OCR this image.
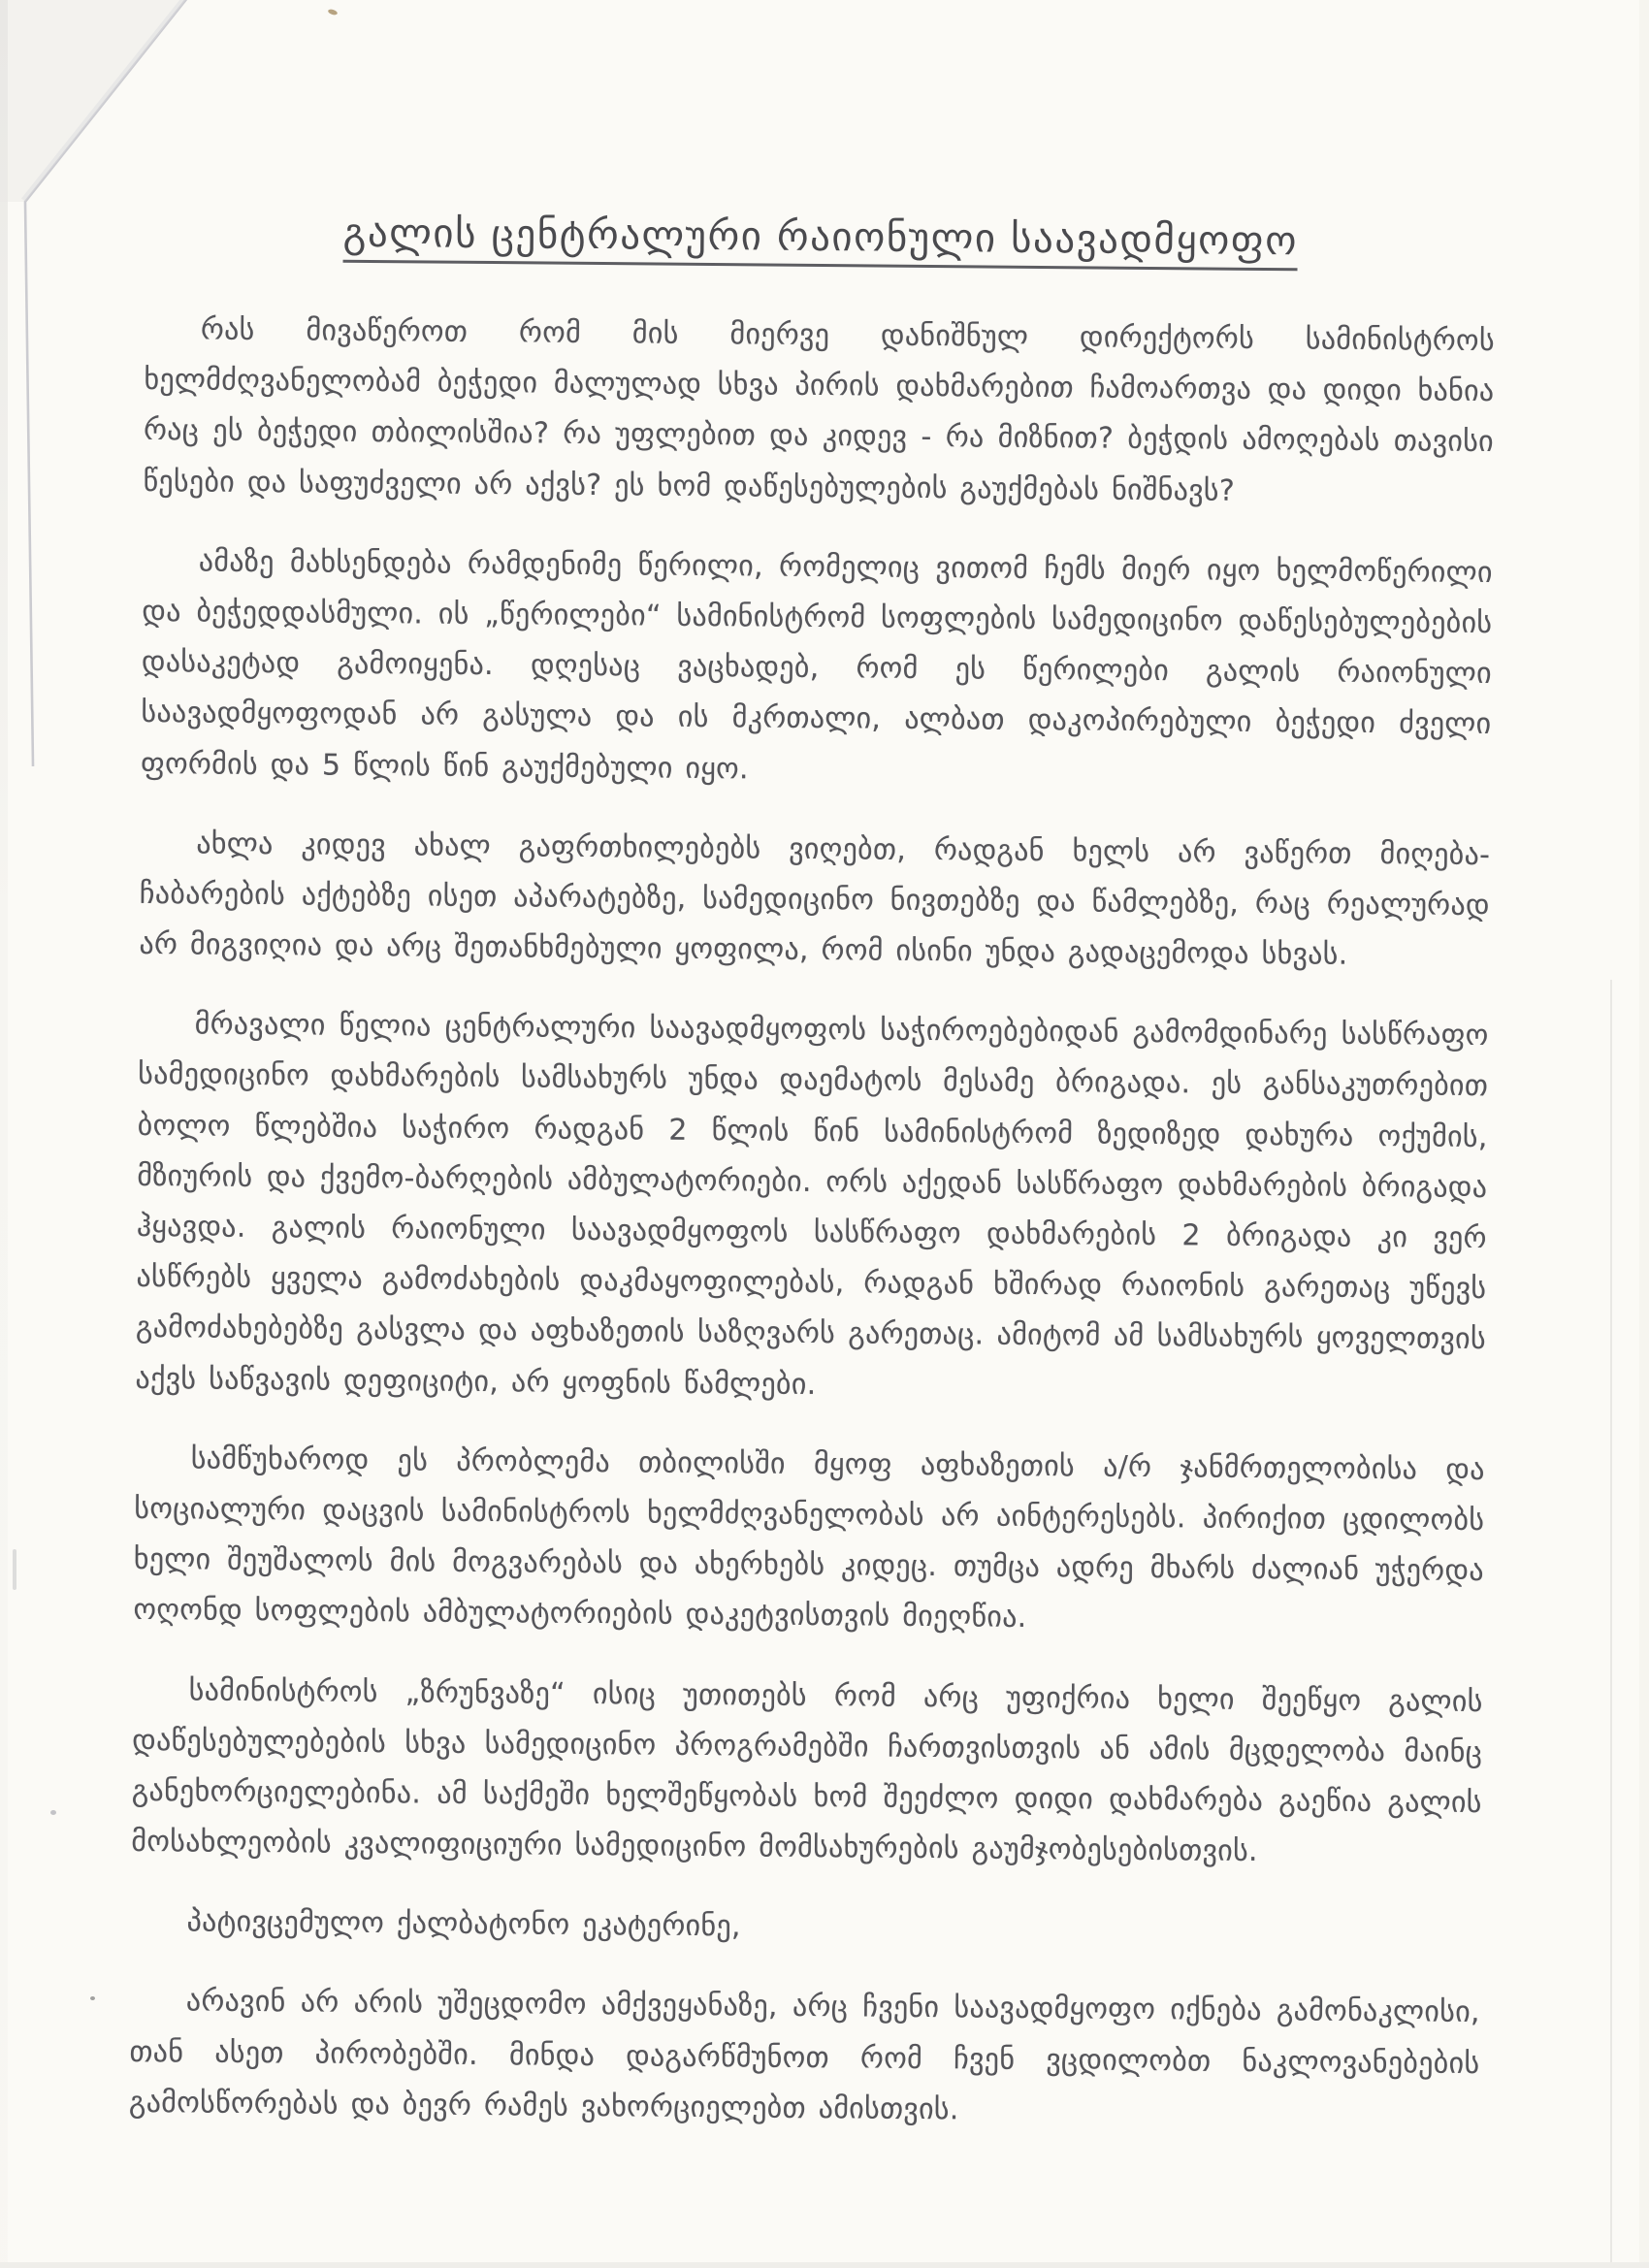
გალის ცენტრალური რაიონული საავადმყოფო

რას მივაწეროთ რომ მის მიერვე დანიშნულ დირექტორს სამინისტროს ხელმძღვანელობამ ბეჭედი მალულად სხვა პირის დახმარებით ჩამოართვა და დიდი ხანია რაც ეს ბეჭედი თბილისშია? რა უფლებით და კიდევ - რა მიზნით? ბეჭდის ამოღებას თავისი წესები და საფუძველი არ აქვს? ეს ხომ დაწესებულების გაუქმებას ნიშნავს?

ამაზე მახსენდება რამდენიმე წერილი, რომელიც ვითომ ჩემს მიერ იყო ხელმოწერილი და ბეჭედდასმული. ის „წერილები“ სამინისტრომ სოფლების სამედიცინო დაწესებულებების დასაკეტად გამოიყენა. დღესაც ვაცხადებ, რომ ეს წერილები გალის რაიონული საავადმყოფოდან არ გასულა და ის მკრთალი, ალბათ დაკოპირებული ბეჭედი ძველი ფორმის და 5 წლის წინ გაუქმებული იყო.

ახლა კიდევ ახალ გაფრთხილებებს ვიღებთ, რადგან ხელს არ ვაწერთ მიღება-ჩაბარების აქტებზე ისეთ აპარატებზე, სამედიცინო ნივთებზე და წამლებზე, რაც რეალურად არ მიგვიღია და არც შეთანხმებული ყოფილა, რომ ისინი უნდა გადაცემოდა სხვას.

მრავალი წელია ცენტრალური საავადმყოფოს საჭიროებებიდან გამომდინარე სასწრაფო სამედიცინო დახმარების სამსახურს უნდა დაემატოს მესამე ბრიგადა. ეს განსაკუთრებით ბოლო წლებშია საჭირო რადგან 2 წლის წინ სამინისტრომ ზედიზედ დახურა ოქუმის, მზიურის და ქვემო-ბარღების ამბულატორიები. ორს აქედან სასწრაფო დახმარების ბრიგადა ჰყავდა. გალის რაიონული საავადმყოფოს სასწრაფო დახმარების 2 ბრიგადა კი ვერ ასწრებს ყველა გამოძახების დაკმაყოფილებას, რადგან ხშირად რაიონის გარეთაც უწევს გამოძახებებზე გასვლა და აფხაზეთის საზღვარს გარეთაც. ამიტომ ამ სამსახურს ყოველთვის აქვს საწვავის დეფიციტი, არ ყოფნის წამლები.

სამწუხაროდ ეს პრობლემა თბილისში მყოფ აფხაზეთის ა/რ ჯანმრთელობისა და სოციალური დაცვის სამინისტროს ხელმძღვანელობას არ აინტერესებს. პირიქით ცდილობს ხელი შეუშალოს მის მოგვარებას და ახერხებს კიდეც. თუმცა ადრე მხარს ძალიან უჭერდა ოღონდ სოფლების ამბულატორიების დაკეტვისთვის მიეღწია.

სამინისტროს „ზრუნვაზე“ ისიც უთითებს რომ არც უფიქრია ხელი შეეწყო გალის დაწესებულებების სხვა სამედიცინო პროგრამებში ჩართვისთვის ან ამის მცდელობა მაინც განეხორციელებინა. ამ საქმეში ხელშეწყობას ხომ შეეძლო დიდი დახმარება გაეწია გალის მოსახლეობის კვალიფიციური სამედიცინო მომსახურების გაუმჯობესებისთვის.

პატივცემულო ქალბატონო ეკატერინე,

არავინ არ არის უშეცდომო ამქვეყანაზე, არც ჩვენი საავადმყოფო იქნება გამონაკლისი, თან ასეთ პირობებში. მინდა დაგარწმუნოთ რომ ჩვენ ვცდილობთ ნაკლოვანებების გამოსწორებას და ბევრ რამეს ვახორციელებთ ამისთვის.
